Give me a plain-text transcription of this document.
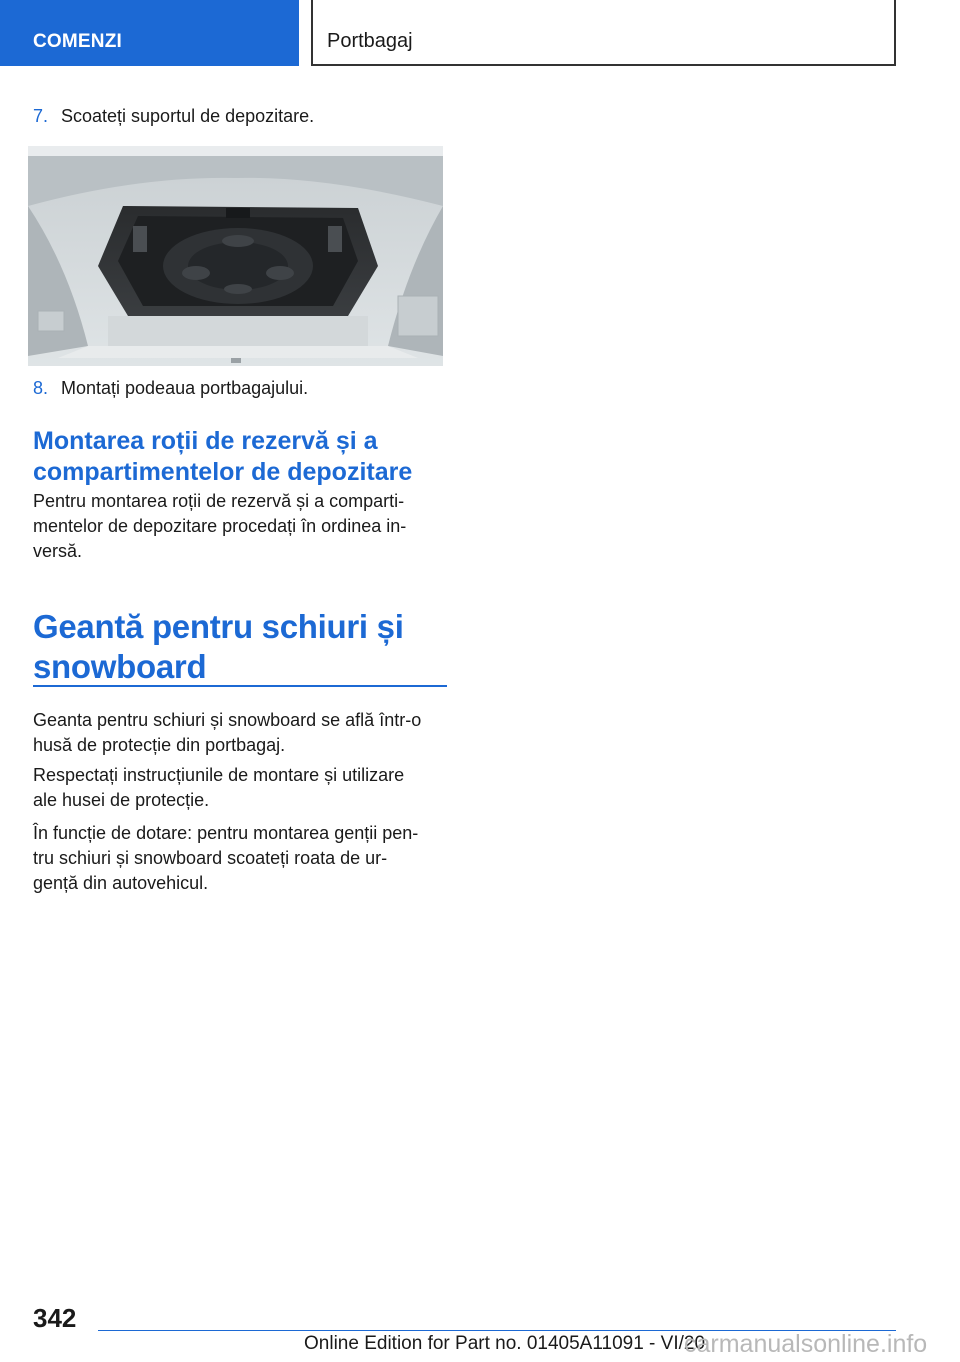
COMENZI	Portbagaj
7. Scoateți suportul de depozitare.
8. Montați podeaua portbagajului.
Montarea roții de rezervă și a
compartimentelor de depozitare
Pentru montarea roții de rezervă și a comparti‐
mentelor de depozitare procedați în ordinea in‐
versă.
Geantă pentru schiuri și
snowboard
Geanta pentru schiuri și snowboard se află într-o
husă de protecție din portbagaj.
Respectați instrucțiunile de montare și utilizare
ale husei de protecție.
În funcție de dotare: pentru montarea genții pen‐
tru schiuri și snowboard scoateți roata de ur‐
gență din autovehicul.
342
Online Edition for Part no. 01405A11091 - VI/20
carmanualsonline.info
